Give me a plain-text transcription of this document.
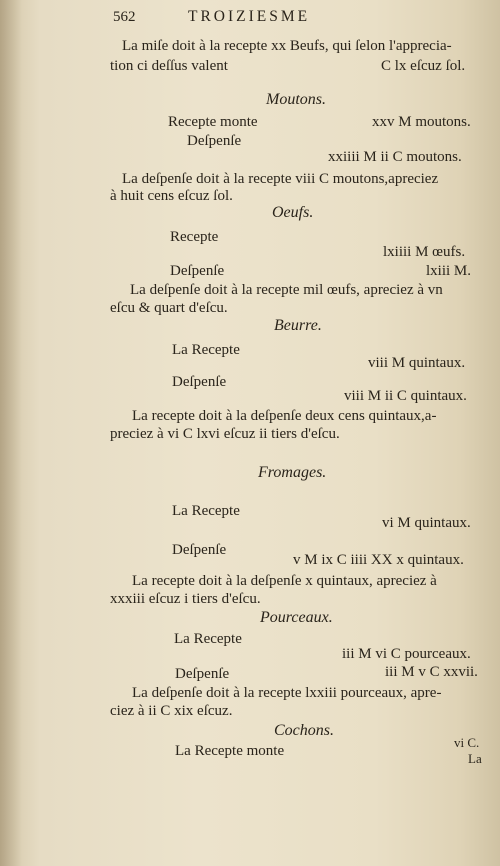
562	TROIZIESME
La miſe doit à la recepte xx Beufs, qui ſelon l'apprecia-
tion ci deſſus valent	C lx eſcuz ſol.
Moutons.
Recepte monte	xxv M moutons.
Deſpenſe
xxiiii M ii C moutons.
La deſpenſe doit à la recepte viii C moutons,apreciez
à huit cens eſcuz ſol.
Oeufs.
Recepte
lxiiii M œufs.
Deſpenſe	lxiii M.
La deſpenſe doit à la recepte mil œufs, apreciez à vn
eſcu & quart d'eſcu.
Beurre.
La Recepte
viii M quintaux.
Deſpenſe
viii M ii C quintaux.
La recepte doit à la deſpenſe deux cens quintaux,a-
preciez à vi C lxvi eſcuz ii tiers d'eſcu.
Fromages.
La Recepte
vi M quintaux.
Deſpenſe
v M ix C iiii XX x quintaux.
La recepte doit à la deſpenſe x quintaux, apreciez à
xxxiii eſcuz i tiers d'eſcu.
Pourceaux.
La Recepte
iii M vi C pourceaux.
Deſpenſe	iii M v C xxvii.
La deſpenſe doit à la recepte lxxiii pourceaux, apre-
ciez à ii C xix eſcuz.
Cochons.
La Recepte monte
vi C.
La
